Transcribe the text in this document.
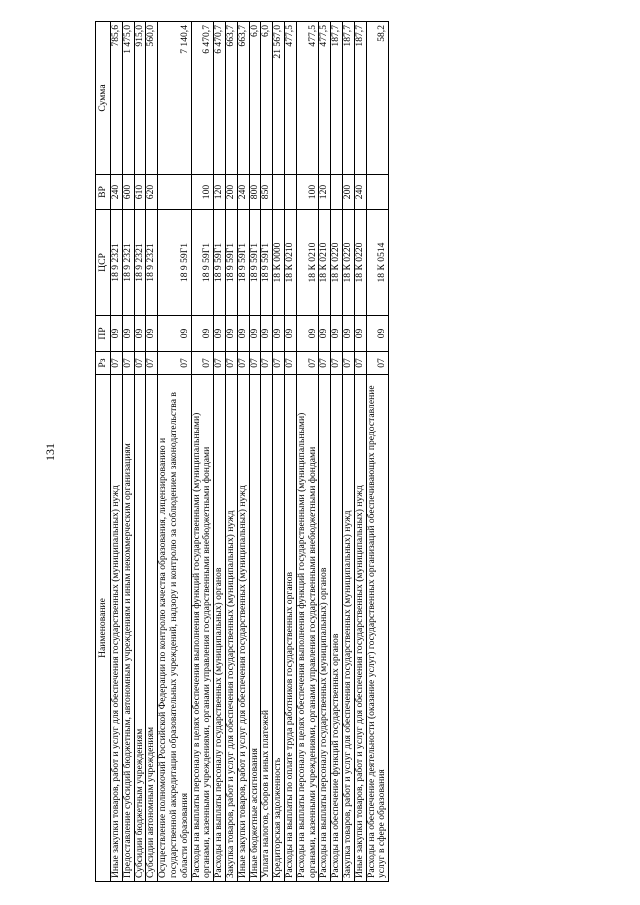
131
Наименование	Рз	ПР	ЦСР	ВР	Сумма
Иные закупки товаров, работ и услуг для обеспечения государственных (муниципальных) нужд	07	09	18 9 2321	240	785,6
Предоставление субсидий бюджетным, автономным учреждениям и иным некоммерческим организациям	07	09	18 9 2321	600	1 475,0
Субсидии бюджетным учреждениям	07	09	18 9 2321	610	915,0
Субсидии автономным учреждениям	07	09	18 9 2321	620	560,0
Осуществление полномочий Российской Федерации по контролю качества образования, лицензированию и государственной аккредитации образовательных учреждений, надзору и контролю за соблюдением законодательства в области образования	07	09	18 9 59Г1		7 140,4
Расходы на выплаты персоналу в целях обеспечения выполнения функций государственными (муниципальными) органами, казенными учреждениями, органами управления государственными внебюджетными фондами	07	09	18 9 59Г1	100	6 470,7
Расходы на выплаты персоналу государственных (муниципальных) органов	07	09	18 9 59Г1	120	6 470,7
Закупка товаров, работ и услуг для обеспечения государственных (муниципальных) нужд	07	09	18 9 59Г1	200	663,7
Иные закупки товаров, работ и услуг для обеспечения государственных (муниципальных) нужд	07	09	18 9 59Г1	240	663,7
Иные бюджетные ассигнования	07	09	18 9 59Г1	800	6,0
Уплата налогов, сборов и иных платежей	07	09	18 9 59Г1	850	6,0
Кредиторская задолженность	07	09	18 К 0000		21 567,0
Расходы на выплаты по оплате труда работников государственных органов	07	09	18 К 0210		477,5
Расходы на выплаты персоналу в целях обеспечения выполнения функций государственными (муниципальными) органами, казенными учреждениями, органами управления государственными внебюджетными фондами	07	09	18 К 0210	100	477,5
Расходы на выплаты персоналу государственных (муниципальных) органов	07	09	18 К 0210	120	477,5
Расходы на обеспечение функций государственных органов	07	09	18 К 0220		187,7
Закупка товаров, работ и услуг для обеспечения государственных (муниципальных) нужд	07	09	18 К 0220	200	187,7
Иные закупки товаров, работ и услуг для обеспечения государственных (муниципальных) нужд	07	09	18 К 0220	240	187,7
Расходы на обеспечение деятельности (оказание услуг) государственных организаций обеспечивающих предоставление услуг в сфере образования	07	09	18 К 0514		58,2
